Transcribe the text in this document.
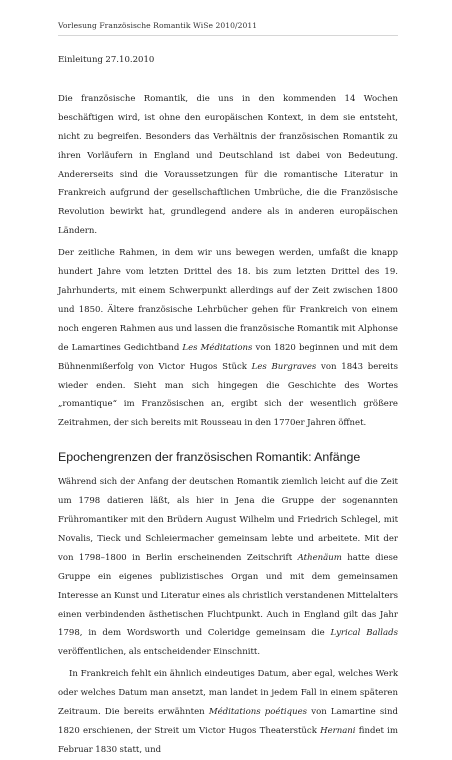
Vorlesung Französische Romantik WiSe 2010/2011

Einleitung 27.10.2010

Die französische Romantik, die uns in den kommenden 14 Wochen beschäftigen wird, ist ohne den europäischen Kontext, in dem sie entsteht, nicht zu begreifen. Besonders das Verhältnis der französischen Romantik zu ihren Vorläufern in England und Deutschland ist dabei von Bedeutung. Andererseits sind die Voraussetzungen für die romantische Literatur in Frankreich aufgrund der gesellschaftlichen Umbrüche, die die Französische Revolution bewirkt hat, grundlegend andere als in anderen europäischen Ländern.

Der zeitliche Rahmen, in dem wir uns bewegen werden, umfaßt die knapp hundert Jahre vom letzten Drittel des 18. bis zum letzten Drittel des 19. Jahrhunderts, mit einem Schwerpunkt allerdings auf der Zeit zwischen 1800 und 1850. Ältere französische Lehrbücher gehen für Frankreich von einem noch engeren Rahmen aus und lassen die französische Romantik mit Alphonse de Lamartines Gedichtband Les Méditations von 1820 beginnen und mit dem Bühnenmißerfolg von Victor Hugos Stück Les Burgraves von 1843 bereits wieder enden. Sieht man sich hingegen die Geschichte des Wortes „romantique“ im Französischen an, ergibt sich der wesentlich größere Zeitrahmen, der sich bereits mit Rousseau in den 1770er Jahren öffnet.

Epochengrenzen der französischen Romantik: Anfänge

Während sich der Anfang der deutschen Romantik ziemlich leicht auf die Zeit um 1798 datieren läßt, als hier in Jena die Gruppe der sogenannten Frühromantiker mit den Brüdern August Wilhelm und Friedrich Schlegel, mit Novalis, Tieck und Schleiermacher gemeinsam lebte und arbeitete. Mit der von 1798–1800 in Berlin erscheinenden Zeitschrift Athenäum hatte diese Gruppe ein eigenes publizistisches Organ und mit dem gemeinsamen Interesse an Kunst und Literatur eines als christlich verstandenen Mittelalters einen verbindenden ästhetischen Fluchtpunkt. Auch in England gilt das Jahr 1798, in dem Wordsworth und Coleridge gemeinsam die Lyrical Ballads veröffentlichen, als entscheidender Einschnitt.

In Frankreich fehlt ein ähnlich eindeutiges Datum, aber egal, welches Werk oder welches Datum man ansetzt, man landet in jedem Fall in einem späteren Zeitraum. Die bereits erwähnten Méditations poétiques von Lamartine sind 1820 erschienen, der Streit um Victor Hugos Theaterstück Hernani findet im Februar 1830 statt, und
